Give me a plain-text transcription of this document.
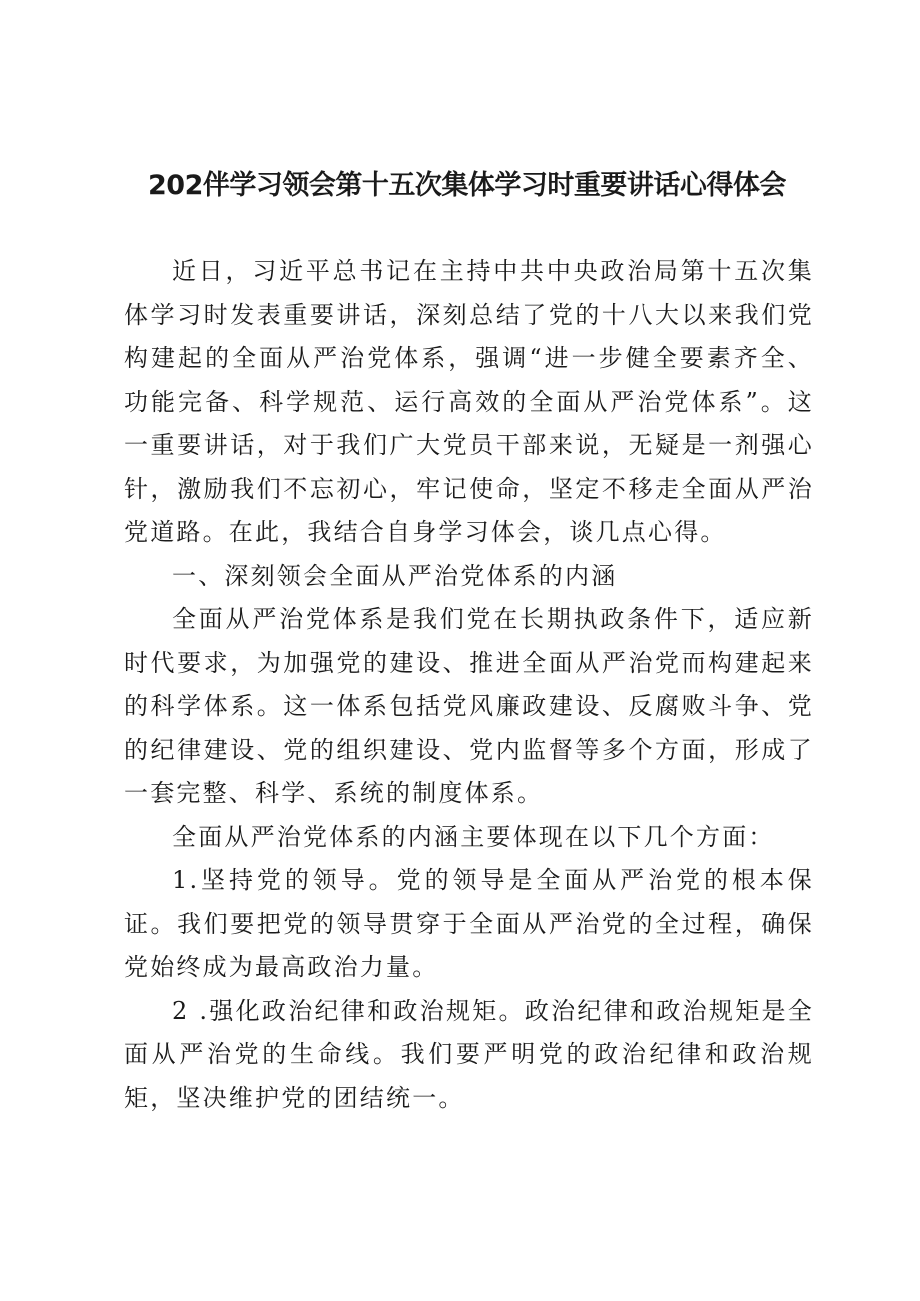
202伴学习领会第十五次集体学习时重要讲话心得体会

近日，习近平总书记在主持中共中央政治局第十五次集体学习时发表重要讲话，深刻总结了党的十八大以来我们党构建起的全面从严治党体系，强调“进一步健全要素齐全、功能完备、科学规范、运行高效的全面从严治党体系”。这一重要讲话，对于我们广大党员干部来说，无疑是一剂强心针，激励我们不忘初心，牢记使命，坚定不移走全面从严治党道路。在此，我结合自身学习体会，谈几点心得。

一、深刻领会全面从严治党体系的内涵

全面从严治党体系是我们党在长期执政条件下，适应新时代要求，为加强党的建设、推进全面从严治党而构建起来的科学体系。这一体系包括党风廉政建设、反腐败斗争、党的纪律建设、党的组织建设、党内监督等多个方面，形成了一套完整、科学、系统的制度体系。

全面从严治党体系的内涵主要体现在以下几个方面：

1.坚持党的领导。党的领导是全面从严治党的根本保证。我们要把党的领导贯穿于全面从严治党的全过程，确保党始终成为最高政治力量。

2 .强化政治纪律和政治规矩。政治纪律和政治规矩是全面从严治党的生命线。我们要严明党的政治纪律和政治规矩，坚决维护党的团结统一。
